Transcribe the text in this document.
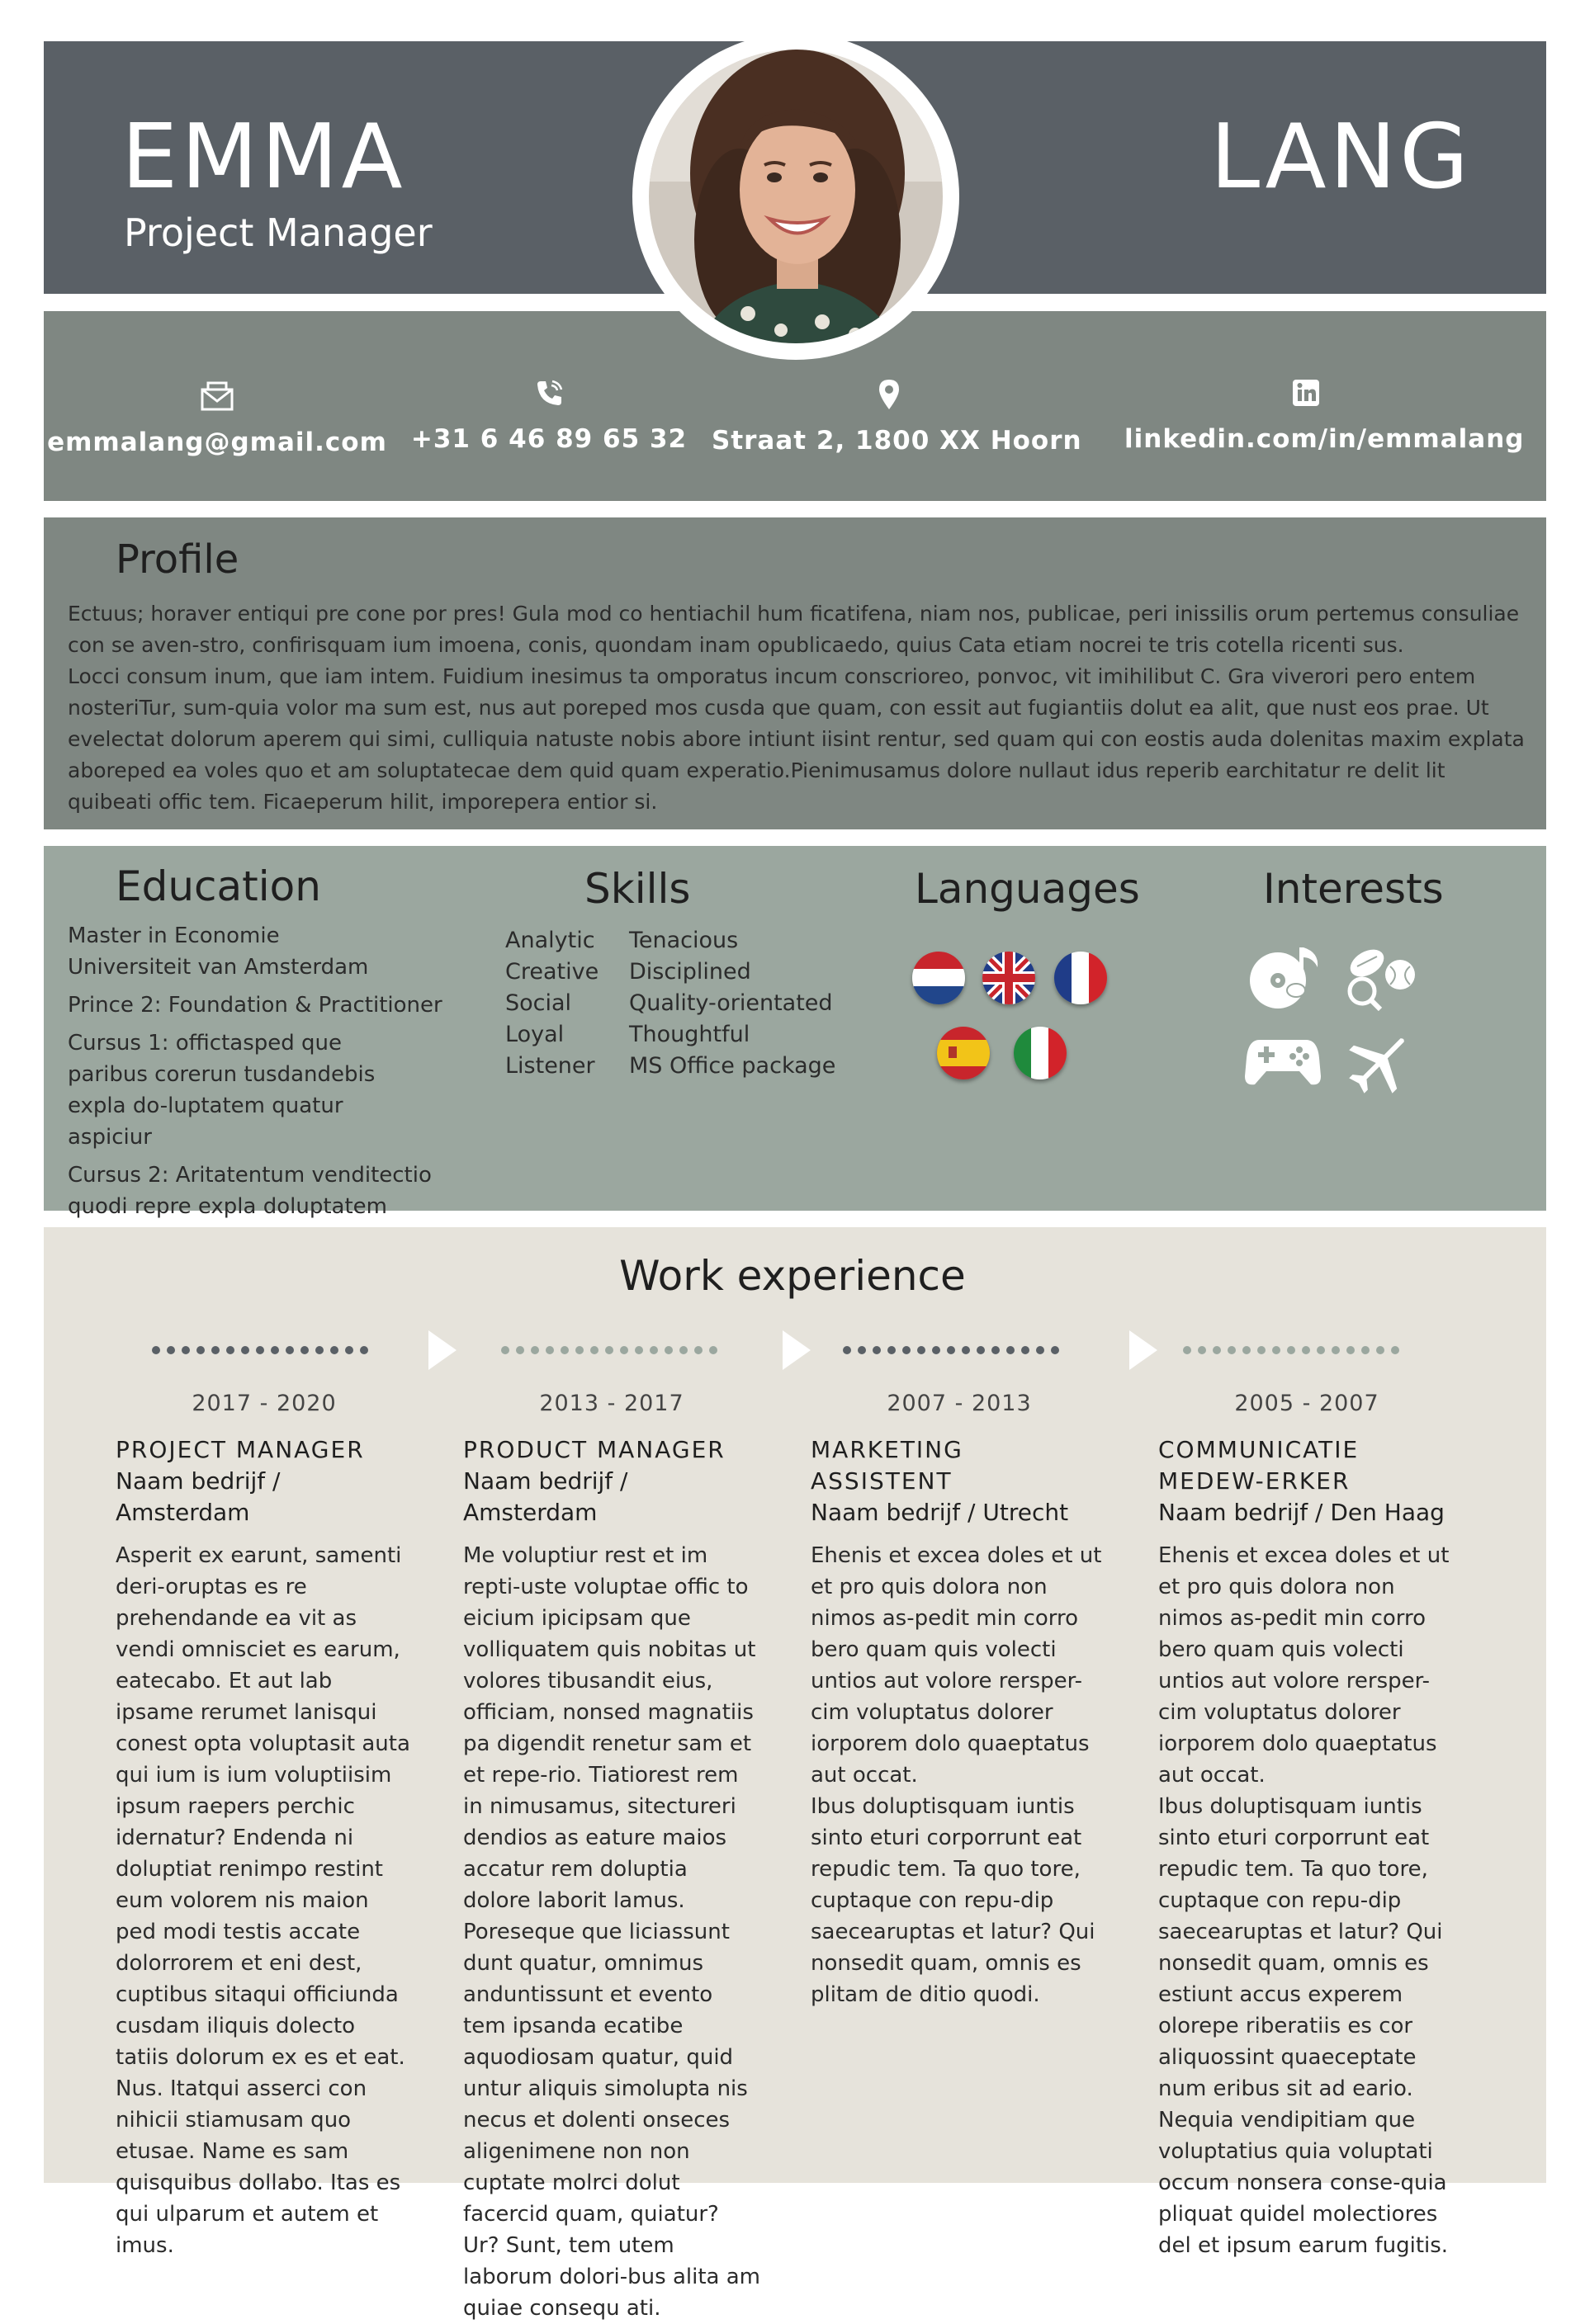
EMMA	LANG
Project Manager
emmalang@gmail.com +31 6 46 89 65 32 Straat 2, 1800 XX Hoorn linkedin.com/in/emmalang
Profile

Ectuus; horaver entiqui pre cone por pres! Gula mod co hentiachil hum ficatifena, niam nos, publicae, peri inissilis orum pertemus consuliae con se aven-stro, confirisquam ium imoena, conis, quondam inam opublicaedo, quius Cata etiam nocrei te tris cotella ricenti sus.

Locci consum inum, que iam intem. Fuidium inesimus ta omporatus incum conscrioreo, ponvoc, vit imihilibut C. Gra viverori pero entem nosteriTur, sum-quia volor ma sum est, nus aut poreped mos cusda que quam, con essit aut fugiantiis dolut ea alit, que nust eos prae. Ut evelectat dolorum aperem qui simi, culliquia natuste nobis abore intiunt iisint rentur, sed quam qui con eostis auda dolenitas maxim explata aboreped ea voles quo et am soluptatecae dem quid quam experatio.Pienimusamus dolore nullaut idus reperib earchitatur re delit lit quibeati offic tem. Ficaeperum hilit, imporepera entior si.

Education
Master in Economie
Universiteit van Amsterdam
Prince 2: Foundation & Practitioner
Cursus 1: offictasped que paribus corerun tusdandebis expla do-luptatem quatur aspiciur
Cursus 2: Aritatentum venditectio quodi repre expla doluptatem
Skills
Analytic
Creative
Social
Loyal
Listener
Tenacious
Disciplined
Quality-orientated
Thoughtful
MS Office package
Languages	Interests
Work experience
2017 - 2020
PROJECT MANAGER
Naam bedrijf / Amsterdam

Asperit ex earunt, samenti deri-oruptas es re prehendande ea vit as vendi omnisciet es earum, eatecabo. Et aut lab ipsame rerumet lanisqui conest opta voluptasit auta qui ium is ium voluptiisim ipsum raepers perchic idernatur? Endenda ni doluptiat renimpo restint eum volorem nis maion ped modi testis accate dolorrorem et eni dest, cuptibus sitaqui officiunda cusdam iliquis dolecto tatiis dolorum ex es et eat.

Nus. Itatqui asserci con nihicii stiamusam quo etusae. Name es sam quisquibus dollabo. Itas es qui ulparum et autem et imus.

2013 - 2017
PRODUCT MANAGER
Naam bedrijf / Amsterdam

Me voluptiur rest et im repti-uste voluptae offic to eicium ipicipsam que volliquatem quis nobitas ut volores tibusandit eius, officiam, nonsed magnatiis pa digendit renetur sam et et repe-rio. Tiatiorest rem in nimusamus, sitectureri dendios as eature maios accatur rem doluptia dolore laborit lamus.

Poreseque que liciassunt dunt quatur, omnimus anduntissunt et evento tem ipsanda ecatibe aquodiosam quatur, quid untur aliquis simolupta nis necus et dolenti onseces aligenimene non non cuptate molrci dolut facercid quam, quiatur? Ur? Sunt, tem utem laborum dolori-bus alita am quiae consequ ati.

2007 - 2013
MARKETING ASSISTENT
Naam bedrijf / Utrecht

Ehenis et excea doles et ut et pro quis dolora non nimos as-pedit min corro bero quam quis volecti untios aut volore rersper-cim voluptatus dolorer iorporem dolo quaeptatus aut occat.

Ibus doluptisquam iuntis sinto eturi corporrunt eat repudic tem. Ta quo tore, cuptaque con repu-dip saecearuptas et latur? Qui nonsedit quam, omnis es plitam de ditio quodi.

2005 - 2007
COMMUNICATIE MEDEW-ERKER
Naam bedrijf / Den Haag

Ehenis et excea doles et ut et pro quis dolora non nimos as-pedit min corro bero quam quis volecti untios aut volore rersper-cim voluptatus dolorer iorporem dolo quaeptatus aut occat.

Ibus doluptisquam iuntis sinto eturi corporrunt eat repudic tem. Ta quo tore, cuptaque con repu-dip saecearuptas et latur? Qui nonsedit quam, omnis es estiunt accus experem olorepe riberatiis es cor aliquossint quaeceptate num eribus sit ad eario. Nequia vendipitiam que voluptatius quia voluptati occum nonsera conse-quia pliquat quidel molectiores del et ipsum earum fugitis.
